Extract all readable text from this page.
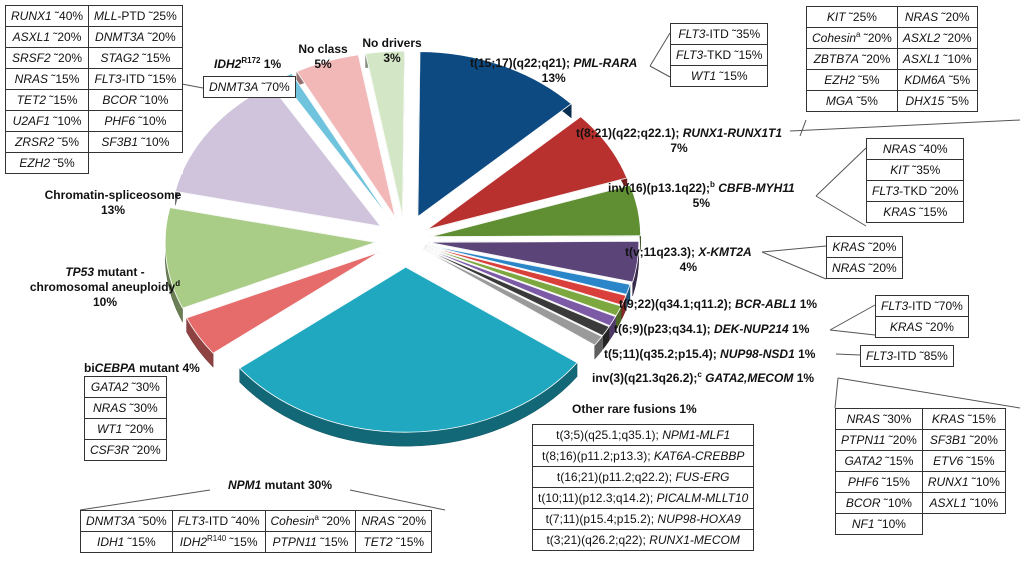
t(15;17)(q22;q21); PML-RARA
13%
t(8;21)(q22;q22.1); RUNX1-RUNX1T1
7%
inv(16)(p13.1q22);$^b$ CBFB-MYH11
5%
t(v;11q23.3); X-KMT2A
4%
t(9;22)(q34.1;q11.2); BCR-ABL1 1%
t(6;9)(p23;q34.1); DEK-NUP214 1%
t(5;11)(q35.2;p15.4); NUP98-NSD1 1%
inv(3)(q21.3q26.2);$^c$ GATA2,MECOM 1%
Other rare fusions 1%
NPM1 mutant 30%
biCEBPA mutant 4%
TP53 mutant -
chromosomal aneuploidy$^d$
10%
Chromatin-spliceosome
13%
$IDH2^{R172}$ 1%
No class
5%
No drivers
3%
RUNX1 ˜40%	MLL-PTD ˜25%
ASXL1 ˜20%	DNMT3A ˜20%
SRSF2 ˜20%	STAG2 ˜15%
NRAS ˜15%	FLT3-ITD ˜15%
TET2 ˜15%	BCOR ˜10%
U2AF1 ˜10%	PHF6 ˜10%
ZRSR2 ˜5%	SF3B1 ˜10%
EZH2 ˜5%	
DNMT3A ˜70%
FLT3-ITD ˜35%
FLT3-TKD ˜15%
WT1 ˜15%
KIT ˜25%	NRAS ˜20%
Cohesin$^a$ ˜20%	ASXL2 ˜20%
ZBTB7A ˜20%	ASXL1 ˜10%
EZH2 ˜5%	KDM6A ˜5%
MGA ˜5%	DHX15 ˜5%
NRAS ˜40%
KIT ˜35%
FLT3-TKD ˜20%
KRAS ˜15%
KRAS ˜20%
NRAS ˜20%
FLT3-ITD ˜70%
KRAS ˜20%
FLT3-ITD ˜85%
NRAS ˜30%	KRAS ˜15%
PTPN11 ˜20%	SF3B1 ˜20%
GATA2 ˜15%	ETV6 ˜15%
PHF6 ˜15%	RUNX1 ˜10%
BCOR ˜10%	ASXL1 ˜10%
NF1 ˜10%	
t(3;5)(q25.1;q35.1); NPM1-MLF1
t(8;16)(p11.2;p13.3); KAT6A-CREBBP
t(16;21)(p11.2;q22.2); FUS-ERG
t(10;11)(p12.3;q14.2); PICALM-MLLT10
t(7;11)(p15.4;p15.2); NUP98-HOXA9
t(3;21)(q26.2;q22); RUNX1-MECOM
DNMT3A ˜50%	FLT3-ITD ˜40%	Cohesin$^a$ ˜20%	NRAS ˜20%
IDH1 ˜15%	$IDH2^{R140}$ ˜15%	PTPN11 ˜15%	TET2 ˜15%
GATA2 ˜30%
NRAS ˜30%
WT1 ˜20%
CSF3R ˜20%
